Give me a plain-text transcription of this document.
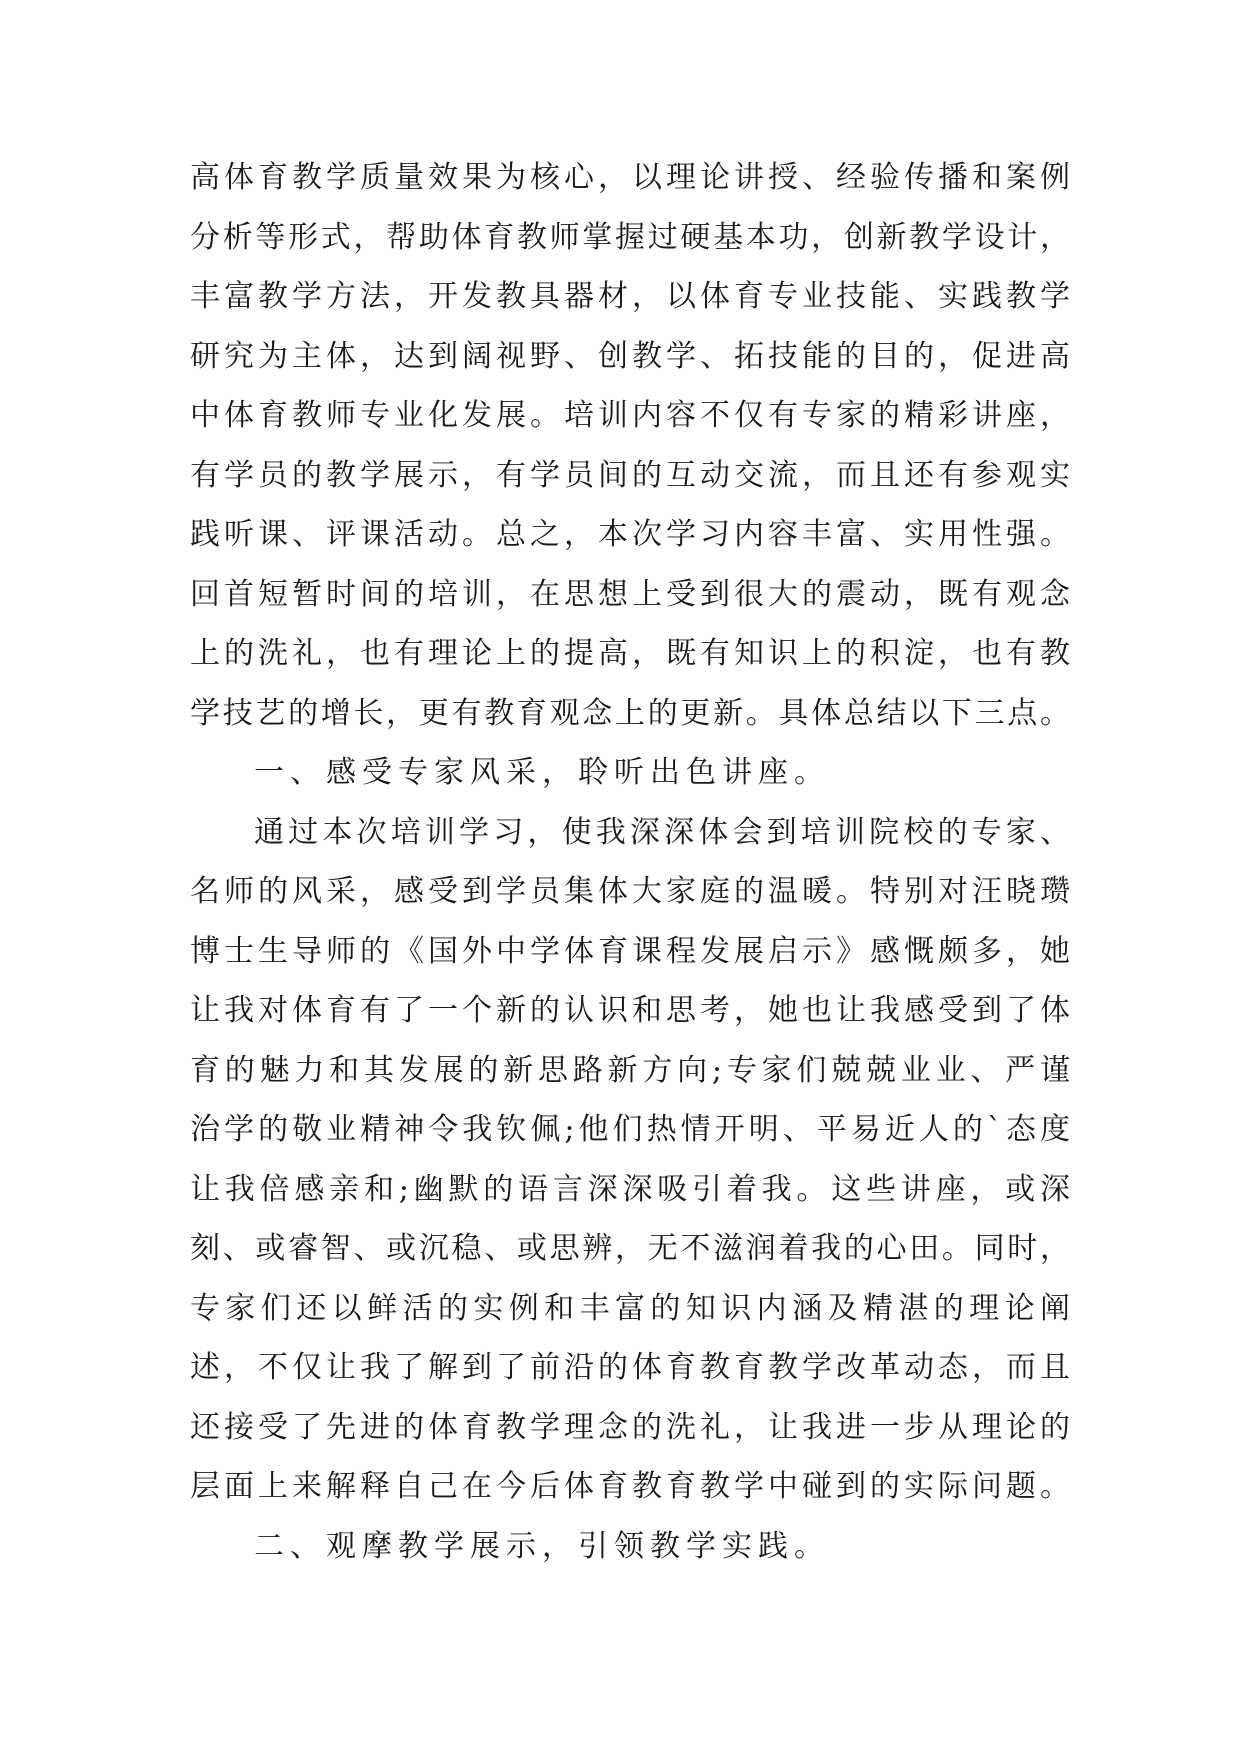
高体育教学质量效果为核心，以理论讲授、经验传播和案例
分析等形式，帮助体育教师掌握过硬基本功，创新教学设计，
丰富教学方法，开发教具器材，以体育专业技能、实践教学
研究为主体，达到阔视野、创教学、拓技能的目的，促进高
中体育教师专业化发展。培训内容不仅有专家的精彩讲座，
有学员的教学展示，有学员间的互动交流，而且还有参观实
践听课、评课活动。总之，本次学习内容丰富、实用性强。
回首短暂时间的培训，在思想上受到很大的震动，既有观念
上的洗礼，也有理论上的提高，既有知识上的积淀，也有教
学技艺的增长，更有教育观念上的更新。具体总结以下三点。
一、感受专家风采，聆听出色讲座。
通过本次培训学习，使我深深体会到培训院校的专家、
名师的风采，感受到学员集体大家庭的温暖。特别对汪晓瓒
博士生导师的《国外中学体育课程发展启示》感慨颇多，她
让我对体育有了一个新的认识和思考，她也让我感受到了体
育的魅力和其发展的新思路新方向;专家们兢兢业业、严谨
治学的敬业精神令我钦佩;他们热情开明、平易近人的`态度
让我倍感亲和;幽默的语言深深吸引着我。这些讲座，或深
刻、或睿智、或沉稳、或思辨，无不滋润着我的心田。同时，
专家们还以鲜活的实例和丰富的知识内涵及精湛的理论阐
述，不仅让我了解到了前沿的体育教育教学改革动态，而且
还接受了先进的体育教学理念的洗礼，让我进一步从理论的
层面上来解释自己在今后体育教育教学中碰到的实际问题。
二、观摩教学展示，引领教学实践。
